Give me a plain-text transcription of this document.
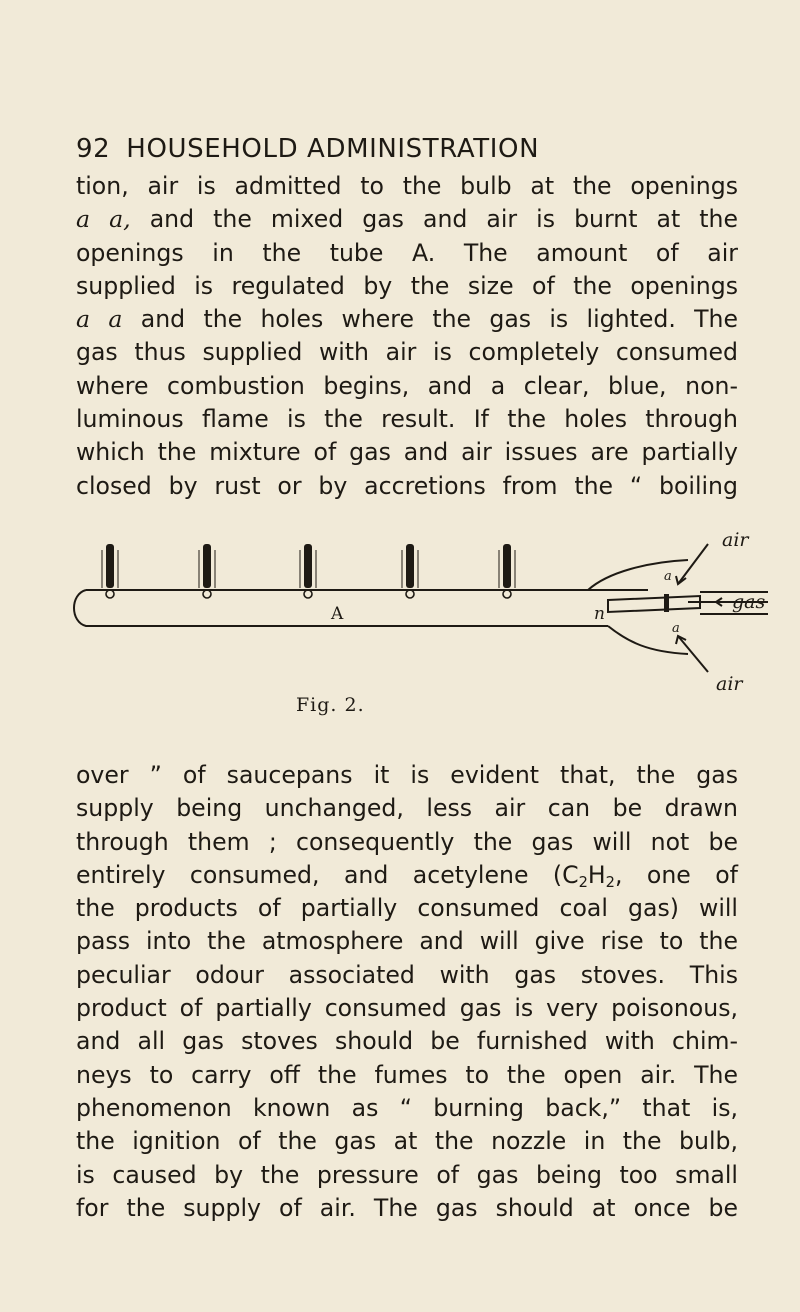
92 HOUSEHOLD ADMINISTRATION
tion, air is admitted to the bulb at the openings
a a, and the mixed gas and air is burnt at the
openings in the tube A. The amount of air
supplied is regulated by the size of the openings
a a and the holes where the gas is lighted. The
gas thus supplied with air is completely consumed
where combustion begins, and a clear, blue, non-
luminous flame is the result. If the holes through
which the mixture of gas and air issues are partially
closed by rust or by accretions from the “ boiling
A
air
a
n
a
gas
air
Fig. 2.
over ” of saucepans it is evident that, the gas
supply being unchanged, less air can be drawn
through them ; consequently the gas will not be
entirely consumed, and acetylene ($C_2H_2$, one of
the products of partially consumed coal gas) will
pass into the atmosphere and will give rise to the
peculiar odour associated with gas stoves. This
product of partially consumed gas is very poisonous,
and all gas stoves should be furnished with chim-
neys to carry off the fumes to the open air. The
phenomenon known as “ burning back,” that is,
the ignition of the gas at the nozzle in the bulb,
is caused by the pressure of gas being too small
for the supply of air. The gas should at once be
